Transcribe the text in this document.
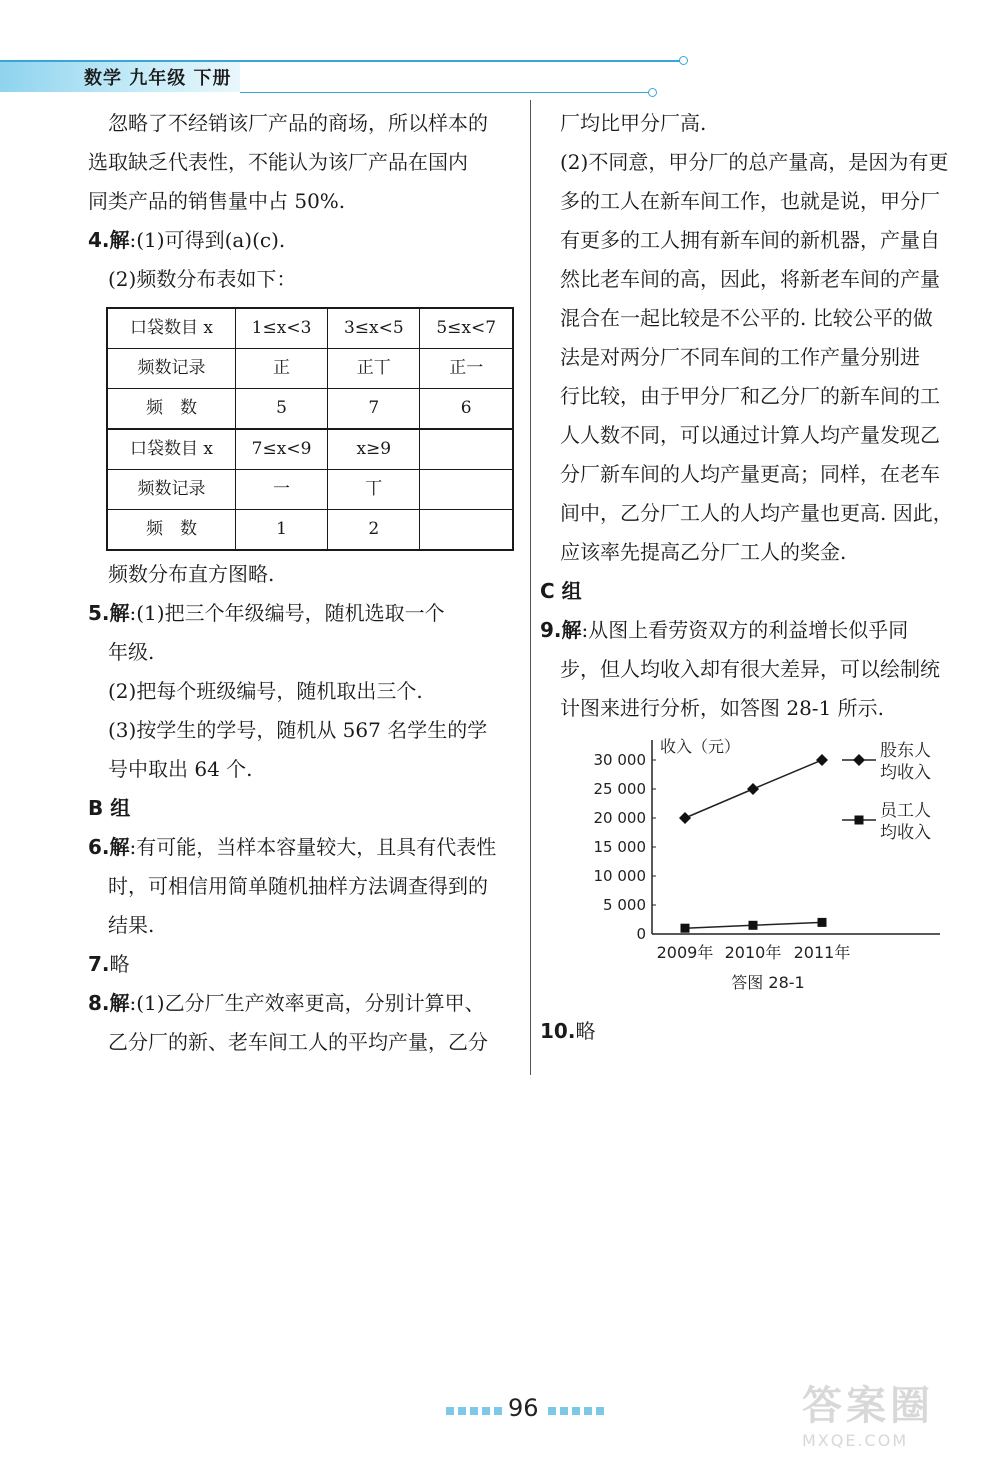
数学 九年级 下册

忽略了不经销该厂产品的商场，所以样本的

选取缺乏代表性，不能认为该厂产品在国内

同类产品的销售量中占 50%.

4.解:(1)可得到(a)(c).

(2)频数分布表如下：

口袋数目 x	1≤x<3	3≤x<5	5≤x<7
频数记录	正	正丅	正一
频　数	5	7	6
口袋数目 x	7≤x<9	x≥9	
频数记录	一	丅	
频　数	1	2	

频数分布直方图略.

5.解:(1)把三个年级编号，随机选取一个

年级.

(2)把每个班级编号，随机取出三个.

(3)按学生的学号，随机从 567 名学生的学

号中取出 64 个.

B 组

6.解:有可能，当样本容量较大，且具有代表性

时，可相信用简单随机抽样方法调查得到的

结果.

7.略

8.解:(1)乙分厂生产效率更高，分别计算甲、

乙分厂的新、老车间工人的平均产量，乙分

厂均比甲分厂高.

(2)不同意，甲分厂的总产量高，是因为有更

多的工人在新车间工作，也就是说，甲分厂

有更多的工人拥有新车间的新机器，产量自

然比老车间的高，因此，将新老车间的产量

混合在一起比较是不公平的. 比较公平的做

法是对两分厂不同车间的工作产量分别进

行比较，由于甲分厂和乙分厂的新车间的工

人人数不同，可以通过计算人均产量发现乙

分厂新车间的人均产量更高；同样，在老车

间中，乙分厂工人的人均产量也更高. 因此，

应该率先提高乙分厂工人的奖金.

C 组

9.解:从图上看劳资双方的利益增长似乎同

步，但人均收入却有很大差异，可以绘制统

计图来进行分析，如答图 28-1 所示.

收入（元）
0
5 000
10 000
15 000
20 000
25 000
30 000
2009年 2010年 2011年
股东人
均收入
员工人
均收入
答图 28-1

10.略

96	答案圈
MXQE.COM
